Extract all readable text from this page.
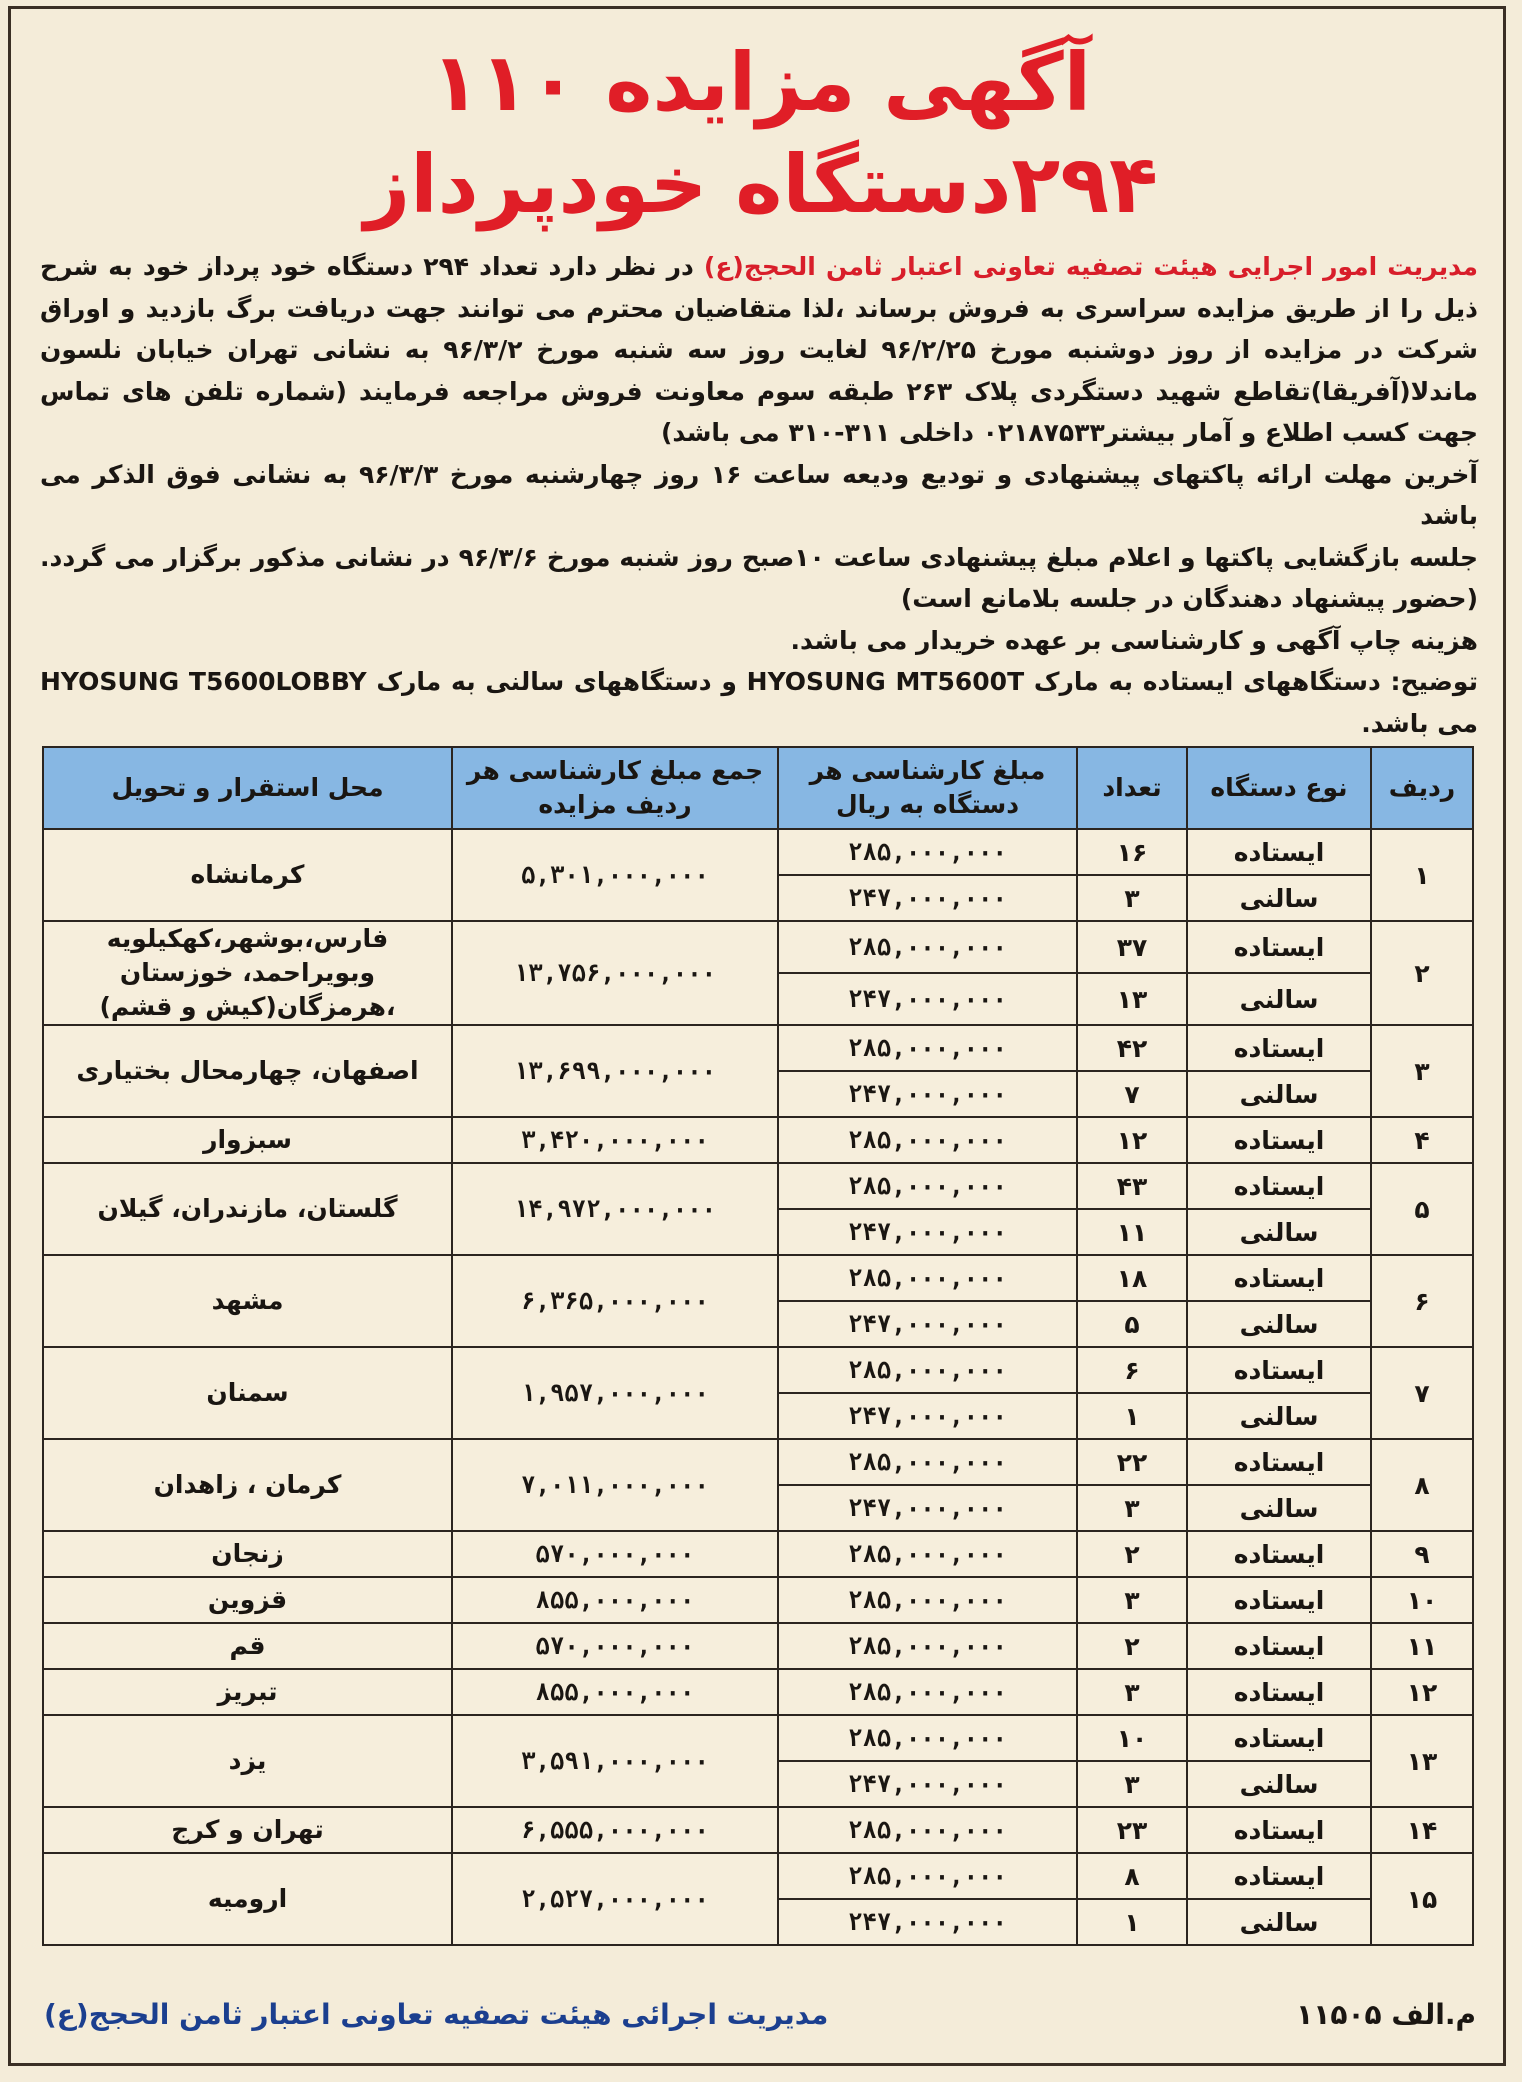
آگهی مزایده ۱۱۰
۲۹۴دستگاه خودپرداز

مدیریت امور اجرایی هیئت تصفیه تعاونی اعتبار ثامن الحجج(ع) در نظر دارد تعداد ۲۹۴ دستگاه خود پرداز خود به شرح ذیل را از طریق مزایده سراسری به فروش برساند ،لذا متقاضیان محترم می توانند جهت دریافت برگ بازدید و اوراق شرکت در مزایده از روز دوشنبه مورخ ۹۶/۲/۲۵ لغایت روز سه شنبه مورخ ۹۶/۳/۲ به نشانی تهران خیابان نلسون ماندلا(آفریقا)تقاطع شهید دستگردی پلاک ۲۶۳ طبقه سوم معاونت فروش مراجعه فرمایند (شماره تلفن های تماس جهت کسب اطلاع و آمار بیشتر۰۲۱۸۷۵۳۳ داخلی ۳۱۱-۳۱۰ می باشد)

آخرین مهلت ارائه پاکتهای پیشنهادی و تودیع ودیعه ساعت ۱۶ روز چهارشنبه مورخ ۹۶/۳/۳ به نشانی فوق الذکر می باشد

جلسه بازگشایی پاکتها و اعلام مبلغ پیشنهادی ساعت ۱۰صبح روز شنبه مورخ ۹۶/۳/۶ در نشانی مذکور برگزار می گردد. (حضور پیشنهاد دهندگان در جلسه بلامانع است)

هزینه چاپ آگهی و کارشناسی بر عهده خریدار می باشد.

توضیح: دستگاههای ایستاده به مارک HYOSUNG MT5600T و دستگاههای سالنی به مارک HYOSUNG T5600LOBBY می باشد.

ردیف	نوع دستگاه	تعداد	مبلغ کارشناسی هر دستگاه به ریال	جمع مبلغ کارشناسی هر ردیف مزایده	محل استقرار و تحویل
۱	ایستاده	۱۶	۲۸۵,۰۰۰,۰۰۰	۵,۳۰۱,۰۰۰,۰۰۰	کرمانشاه
	سالنی	۳	۲۴۷,۰۰۰,۰۰۰		
۲	ایستاده	۳۷	۲۸۵,۰۰۰,۰۰۰	۱۳,۷۵۶,۰۰۰,۰۰۰	فارس،بوشهر،کهکیلویه وبویراحمد، خوزستان ،هرمزگان(کیش و قشم)
	سالنی	۱۳	۲۴۷,۰۰۰,۰۰۰		
۳	ایستاده	۴۲	۲۸۵,۰۰۰,۰۰۰	۱۳,۶۹۹,۰۰۰,۰۰۰	اصفهان، چهارمحال بختیاری
	سالنی	۷	۲۴۷,۰۰۰,۰۰۰		
۴	ایستاده	۱۲	۲۸۵,۰۰۰,۰۰۰	۳,۴۲۰,۰۰۰,۰۰۰	سبزوار
۵	ایستاده	۴۳	۲۸۵,۰۰۰,۰۰۰	۱۴,۹۷۲,۰۰۰,۰۰۰	گلستان، مازندران، گیلان
	سالنی	۱۱	۲۴۷,۰۰۰,۰۰۰		
۶	ایستاده	۱۸	۲۸۵,۰۰۰,۰۰۰	۶,۳۶۵,۰۰۰,۰۰۰	مشهد
	سالنی	۵	۲۴۷,۰۰۰,۰۰۰		
۷	ایستاده	۶	۲۸۵,۰۰۰,۰۰۰	۱,۹۵۷,۰۰۰,۰۰۰	سمنان
	سالنی	۱	۲۴۷,۰۰۰,۰۰۰		
۸	ایستاده	۲۲	۲۸۵,۰۰۰,۰۰۰	۷,۰۱۱,۰۰۰,۰۰۰	کرمان ، زاهدان
	سالنی	۳	۲۴۷,۰۰۰,۰۰۰		
۹	ایستاده	۲	۲۸۵,۰۰۰,۰۰۰	۵۷۰,۰۰۰,۰۰۰	زنجان
۱۰	ایستاده	۳	۲۸۵,۰۰۰,۰۰۰	۸۵۵,۰۰۰,۰۰۰	قزوین
۱۱	ایستاده	۲	۲۸۵,۰۰۰,۰۰۰	۵۷۰,۰۰۰,۰۰۰	قم
۱۲	ایستاده	۳	۲۸۵,۰۰۰,۰۰۰	۸۵۵,۰۰۰,۰۰۰	تبریز
۱۳	ایستاده	۱۰	۲۸۵,۰۰۰,۰۰۰	۳,۵۹۱,۰۰۰,۰۰۰	یزد
	سالنی	۳	۲۴۷,۰۰۰,۰۰۰		
۱۴	ایستاده	۲۳	۲۸۵,۰۰۰,۰۰۰	۶,۵۵۵,۰۰۰,۰۰۰	تهران و کرج
۱۵	ایستاده	۸	۲۸۵,۰۰۰,۰۰۰	۲,۵۲۷,۰۰۰,۰۰۰	ارومیه
	سالنی	۱	۲۴۷,۰۰۰,۰۰۰		
م.الف ۱۱۵۰۵
مدیریت اجرائی هیئت تصفیه تعاونی اعتبار ثامن الحجج(ع)
